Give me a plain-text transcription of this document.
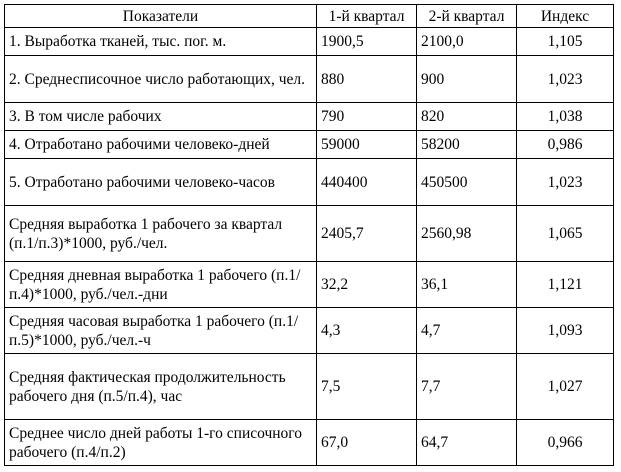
Показатели	1-й квартал	2-й квартал	Индекс
1. Выработка тканей, тыс. пог. м.	1900,5	2100,0	1,105
2. Среднесписочное число работающих, чел.	880	900	1,023
3. В том числе рабочих	790	820	1,038
4. Отработано рабочими человеко-дней	59000	58200	0,986
5. Отработано рабочими человеко-часов	440400	450500	1,023
Средняя выработка 1 рабочего за квартал (п.1/п.3)*1000, руб./чел.	2405,7	2560,98	1,065
Средняя дневная выработка 1 рабочего (п.1/п.4)*1000, руб./чел.-дни	32,2	36,1	1,121
Средняя часовая выработка 1 рабочего (п.1/п.5)*1000, руб./чел.-ч	4,3	4,7	1,093
Средняя фактическая продолжительность рабочего дня (п.5/п.4), час	7,5	7,7	1,027
Среднее число дней работы 1-го списочного рабочего (п.4/п.2)	67,0	64,7	0,966
